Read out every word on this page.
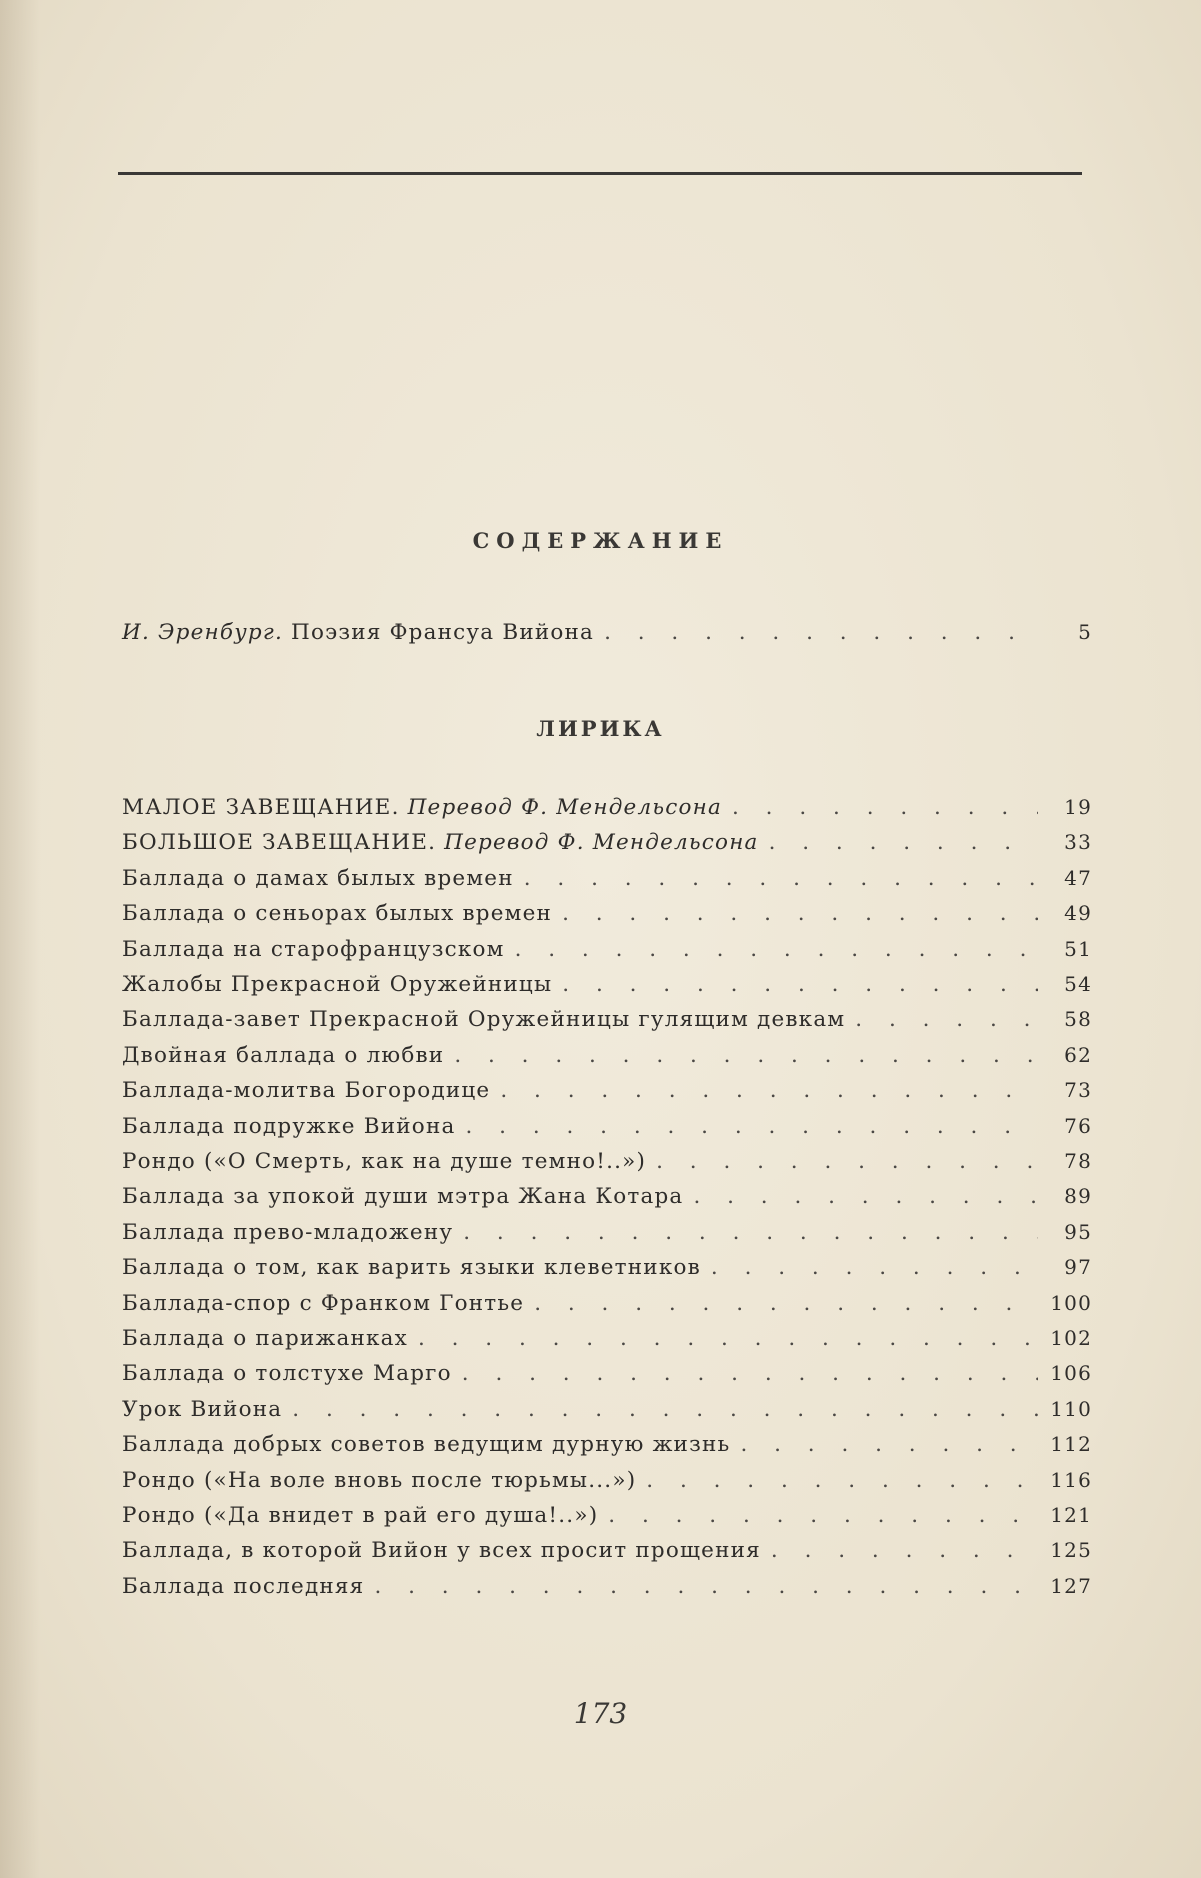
СОДЕРЖАНИЕ
И. Эренбург. Поэзия Франсуа Вийона . . .	5
ЛИРИКА
МАЛОЕ ЗАВЕЩАНИЕ. Перевод Ф. Мендельсона . . .	19
БОЛЬШОЕ ЗАВЕЩАНИЕ. Перевод Ф. Мендельсона . . .	33
Баллада о дамах былых времен . . .	47
Баллада о сеньорах былых времен . . .	49
Баллада на старофранцузском . . .	51
Жалобы Прекрасной Оружейницы . . .	54
Баллада-завет Прекрасной Оружейницы гулящим девкам . . .	58
Двойная баллада о любви . . .	62
Баллада-молитва Богородице . . .	73
Баллада подружке Вийона . . .	76
Рондо («О Смерть, как на душе темно!..») . . .	78
Баллада за упокой души мэтра Жана Котара . . .	89
Баллада прево-младожену . . .	95
Баллада о том, как варить языки клеветников . . .	97
Баллада-спор с Франком Гонтье . . .	100
Баллада о парижанках . . .	102
Баллада о толстухе Марго . . .	106
Урок Вийона . . .	110
Баллада добрых советов ведущим дурную жизнь . . .	112
Рондо («На воле вновь после тюрьмы...») . . .	116
Рондо («Да внидет в рай его душа!..») . . .	121
Баллада, в которой Вийон у всех просит прощения . . .	125
Баллада последняя . . .	127
173
